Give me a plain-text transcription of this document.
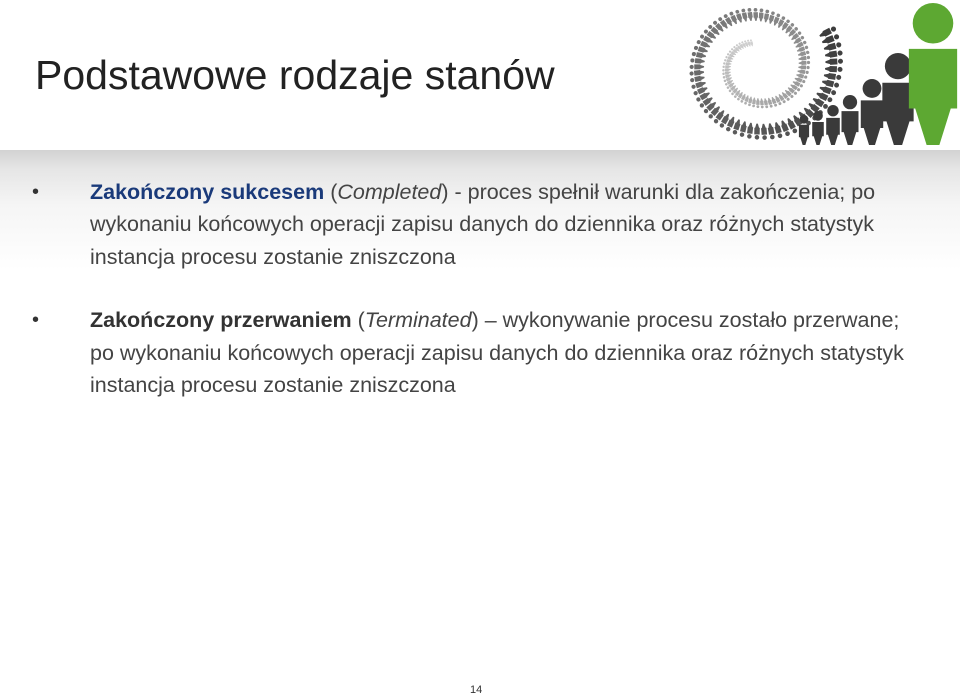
Podstawowe rodzaje stanów

• Zakończony sukcesem (Completed) - proces spełnił warunki dla zakończenia; po wykonaniu końcowych operacji zapisu danych do dziennika oraz różnych statystyk instancja procesu zostanie zniszczona

• Zakończony przerwaniem (Terminated) – wykonywanie procesu zostało przerwane; po wykonaniu końcowych operacji zapisu danych do dziennika oraz różnych statystyk instancja procesu zostanie zniszczona

14
